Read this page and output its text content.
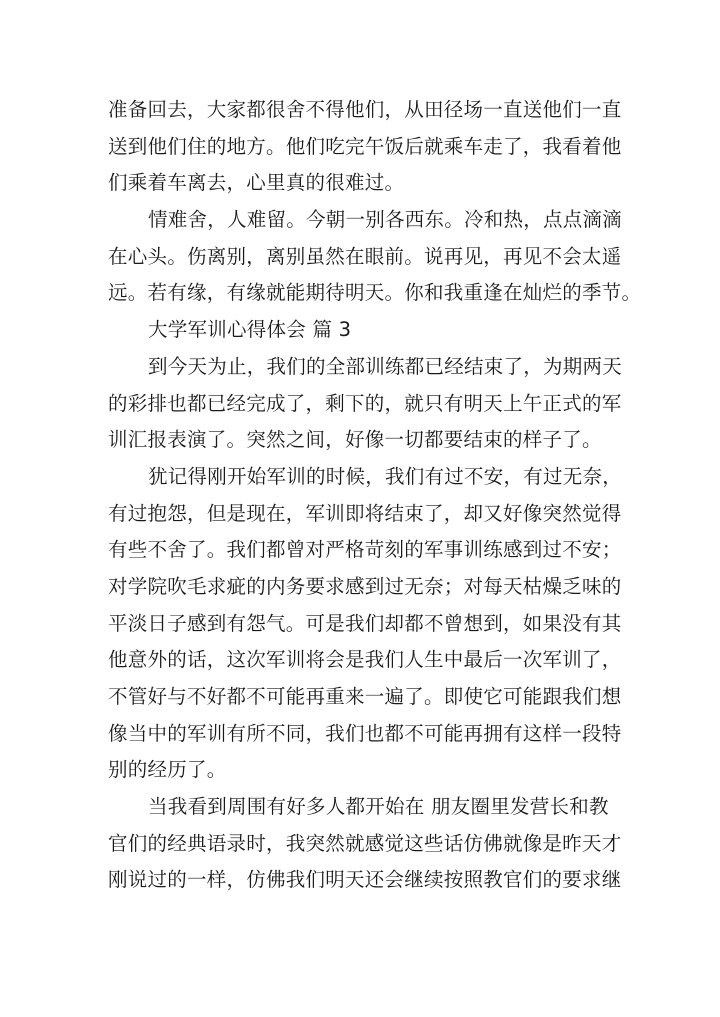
准备回去，大家都很舍不得他们，从田径场一直送他们一直
送到他们住的地方。他们吃完午饭后就乘车走了，我看着他
们乘着车离去，心里真的很难过。
情难舍，人难留。今朝一别各西东。冷和热，点点滴滴
在心头。伤离别，离别虽然在眼前。说再见，再见不会太遥
远。若有缘，有缘就能期待明天。你和我重逢在灿烂的季节。
大学军训心得体会 篇 3
到今天为止，我们的全部训练都已经结束了，为期两天
的彩排也都已经完成了，剩下的，就只有明天上午正式的军
训汇报表演了。突然之间，好像一切都要结束的样子了。
犹记得刚开始军训的时候，我们有过不安，有过无奈，
有过抱怨，但是现在，军训即将结束了，却又好像突然觉得
有些不舍了。我们都曾对严格苛刻的军事训练感到过不安；
对学院吹毛求疵的内务要求感到过无奈；对每天枯燥乏味的
平淡日子感到有怨气。可是我们却都不曾想到，如果没有其
他意外的话，这次军训将会是我们人生中最后一次军训了，
不管好与不好都不可能再重来一遍了。即使它可能跟我们想
像当中的军训有所不同，我们也都不可能再拥有这样一段特
别的经历了。
当我看到周围有好多人都开始在 朋友圈里发营长和教
官们的经典语录时，我突然就感觉这些话仿佛就像是昨天才
刚说过的一样，仿佛我们明天还会继续按照教官们的要求继
